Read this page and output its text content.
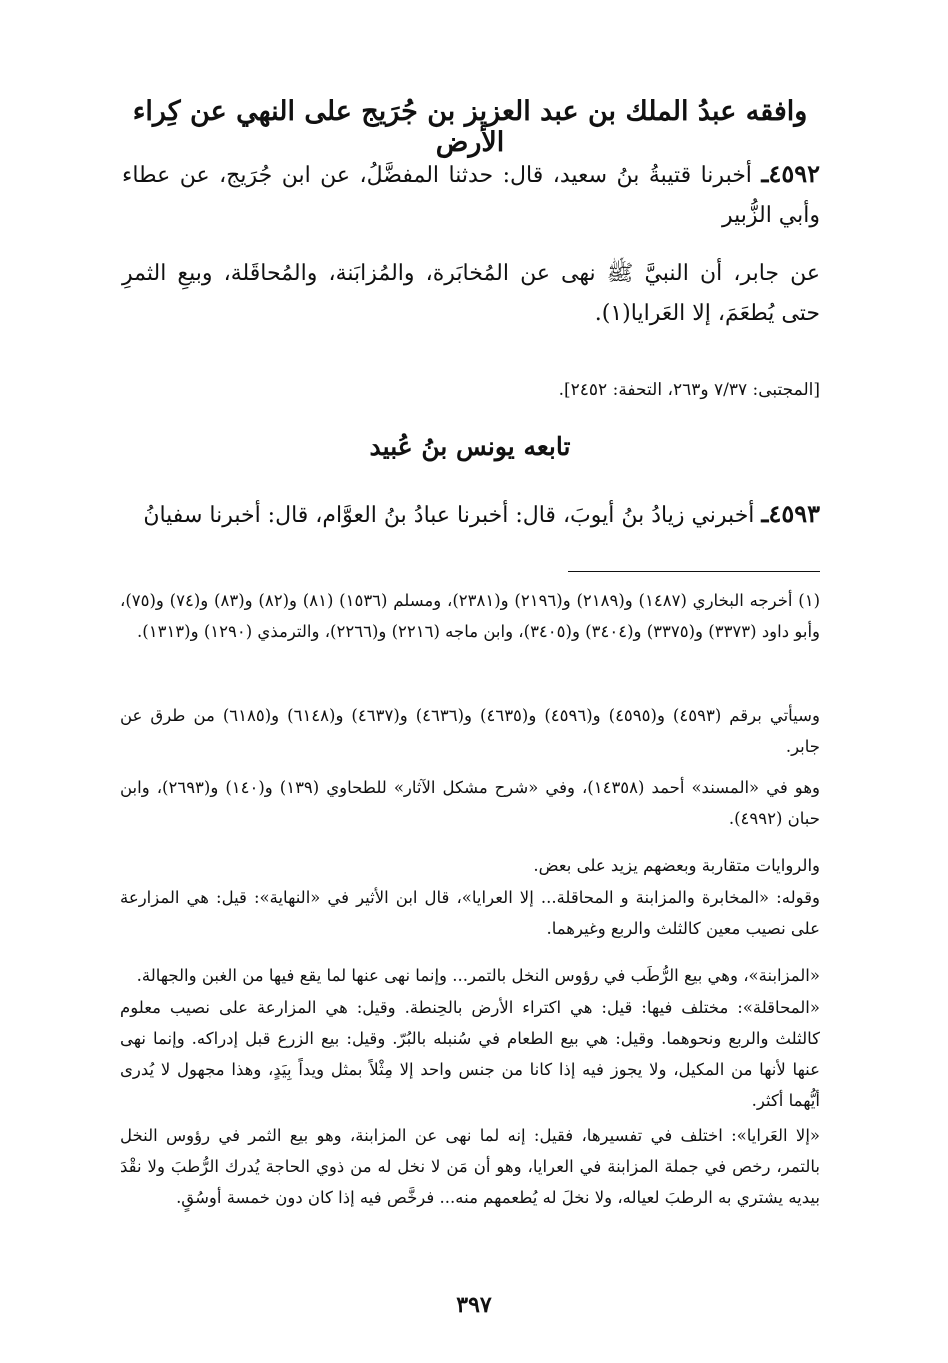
وافقه عبدُ الملك بن عبد العزيز بن جُرَيج على النهي عن كِراء الأرض
٤٥٩٢ـ أخبرنا قتيبةُ بنُ سعيد، قال: حدثنا المفضَّلُ، عن ابن جُرَيج، عن عطاء وأبي الزُّبير
عن جابر، أن النبيَّ ﷺ نهى عن المُخابَرة، والمُزابَنة، والمُحاقَلة، وبيعِ الثمرِ حتى يُطعَمَ، إلا العَرايا(١).
[المجتبى: ٧/٣٧ و٢٦٣، التحفة: ٢٤٥٢].
تابعه يونس بنُ عُبيد
٤٥٩٣ـ أخبرني زيادُ بنُ أيوبَ، قال: أخبرنا عبادُ بنُ العوَّام، قال: أخبرنا سفيانُ
(١) أخرجه البخاري (١٤٨٧) و(٢١٨٩) و(٢١٩٦) و(٢٣٨١)، ومسلم (١٥٣٦) (٨١) و(٨٢) و(٨٣) و(٧٤) و(٧٥)، وأبو داود (٣٣٧٣) و(٣٣٧٥) و(٣٤٠٤) و(٣٤٠٥)، وابن ماجه (٢٢١٦) و(٢٢٦٦)، والترمذي (١٢٩٠) و(١٣١٣).
وسيأتي برقم (٤٥٩٣) و(٤٥٩٥) و(٤٥٩٦) و(٤٦٣٥) و(٤٦٣٦) و(٤٦٣٧) و(٦١٤٨) و(٦١٨٥) من طرق عن جابر.
وهو في «المسند» أحمد (١٤٣٥٨)، وفي «شرح مشكل الآثار» للطحاوي (١٣٩) و(١٤٠) و(٢٦٩٣)، وابن حبان (٤٩٩٢).
والروايات متقاربة وبعضهم يزيد على بعض.
وقوله: «المخابرة والمزابنة و المحاقلة... إلا العرايا»، قال ابن الأثير في «النهاية»: قيل: هي المزارعة على نصيب معين كالثلث والربع وغيرهما.
«المزابنة»، وهي بيع الرُّطَب في رؤوس النخل بالتمر... وإنما نهى عنها لما يقع فيها من الغبن والجهالة.
«المحاقلة»: مختلف فيها: قيل: هي اكتراء الأرض بالحِنطة. وقيل: هي المزارعة على نصيب معلوم كالثلث والربع ونحوهما. وقيل: هي بيع الطعام في سُنبله بالبُرّ. وقيل: بيع الزرع قبل إدراكه. وإنما نهى عنها لأنها من المكيل، ولا يجوز فيه إذا كانا من جنس واحد إلا مِثْلاً بمثل ويداً بِيَدٍ، وهذا مجهول لا يُدرى أيُّهما أكثر.
«إلا العَرايا»: اختلف في تفسيرها، فقيل: إنه لما نهى عن المزابنة، وهو بيع الثمر في رؤوس النخل بالتمر، رخص في جملة المزابنة في العرايا، وهو أن مَن لا نخل له من ذوي الحاجة يُدرك الرُّطبَ ولا نقْدَ بيديه يشتري به الرطبَ لعياله، ولا نخلَ له يُطعمهم منه... فرخَّص فيه إذا كان دون خمسة أوسُقٍ.
٣٩٧
